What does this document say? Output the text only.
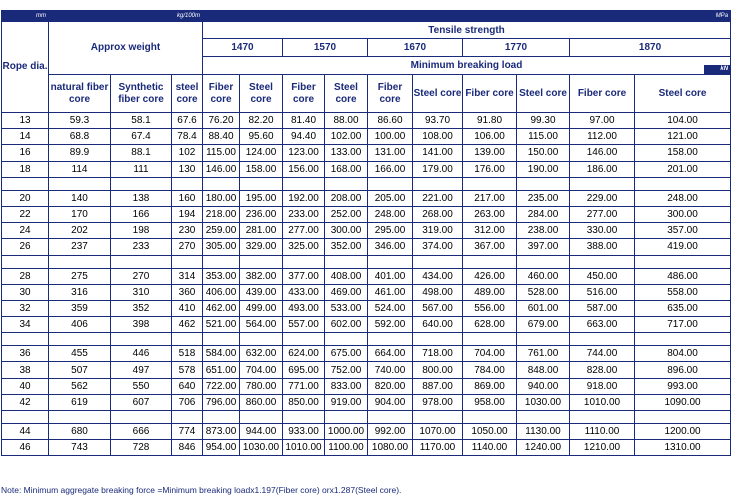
mm	kg/100m			MPa									

Rope dia.	Approx weight			Tensile strength									
				1470		1570		1670		1770		1870	
				Minimum breaking load kN									

	natural fiber core	Synthetic fiber core	steel core	Fiber core	Steel core	Fiber core	Steel core	Fiber core	Steel core	Fiber core	Steel core	Fiber core	Steel core
13	59.3	58.1	67.6	76.20	82.20	81.40	88.00	86.60	93.70	91.80	99.30	97.00	104.00
14	68.8	67.4	78.4	88.40	95.60	94.40	102.00	100.00	108.00	106.00	115.00	112.00	121.00
16	89.9	88.1	102	115.00	124.00	123.00	133.00	131.00	141.00	139.00	150.00	146.00	158.00
18	114	111	130	146.00	158.00	156.00	168.00	166.00	179.00	176.00	190.00	186.00	201.00

20	140	138	160	180.00	195.00	192.00	208.00	205.00	221.00	217.00	235.00	229.00	248.00
22	170	166	194	218.00	236.00	233.00	252.00	248.00	268.00	263.00	284.00	277.00	300.00
24	202	198	230	259.00	281.00	277.00	300.00	295.00	319.00	312.00	238.00	330.00	357.00
26	237	233	270	305.00	329.00	325.00	352.00	346.00	374.00	367.00	397.00	388.00	419.00

28	275	270	314	353.00	382.00	377.00	408.00	401.00	434.00	426.00	460.00	450.00	486.00
30	316	310	360	406.00	439.00	433.00	469.00	461.00	498.00	489.00	528.00	516.00	558.00
32	359	352	410	462.00	499.00	493.00	533.00	524.00	567.00	556.00	601.00	587.00	635.00
34	406	398	462	521.00	564.00	557.00	602.00	592.00	640.00	628.00	679.00	663.00	717.00

36	455	446	518	584.00	632.00	624.00	675.00	664.00	718.00	704.00	761.00	744.00	804.00
38	507	497	578	651.00	704.00	695.00	752.00	740.00	800.00	784.00	848.00	828.00	896.00
40	562	550	640	722.00	780.00	771.00	833.00	820.00	887.00	869.00	940.00	918.00	993.00
42	619	607	706	796.00	860.00	850.00	919.00	904.00	978.00	958.00	1030.00	1010.00	1090.00

44	680	666	774	873.00	944.00	933.00	1000.00	992.00	1070.00	1050.00	1130.00	1110.00	1200.00
46	743	728	846	954.00	1030.00	1010.00	1100.00	1080.00	1170.00	1140.00	1240.00	1210.00	1310.00
Note: Minimum aggregate breaking force =Minimum breaking loadx1.197(Fiber core) orx1.287(Steel core).
